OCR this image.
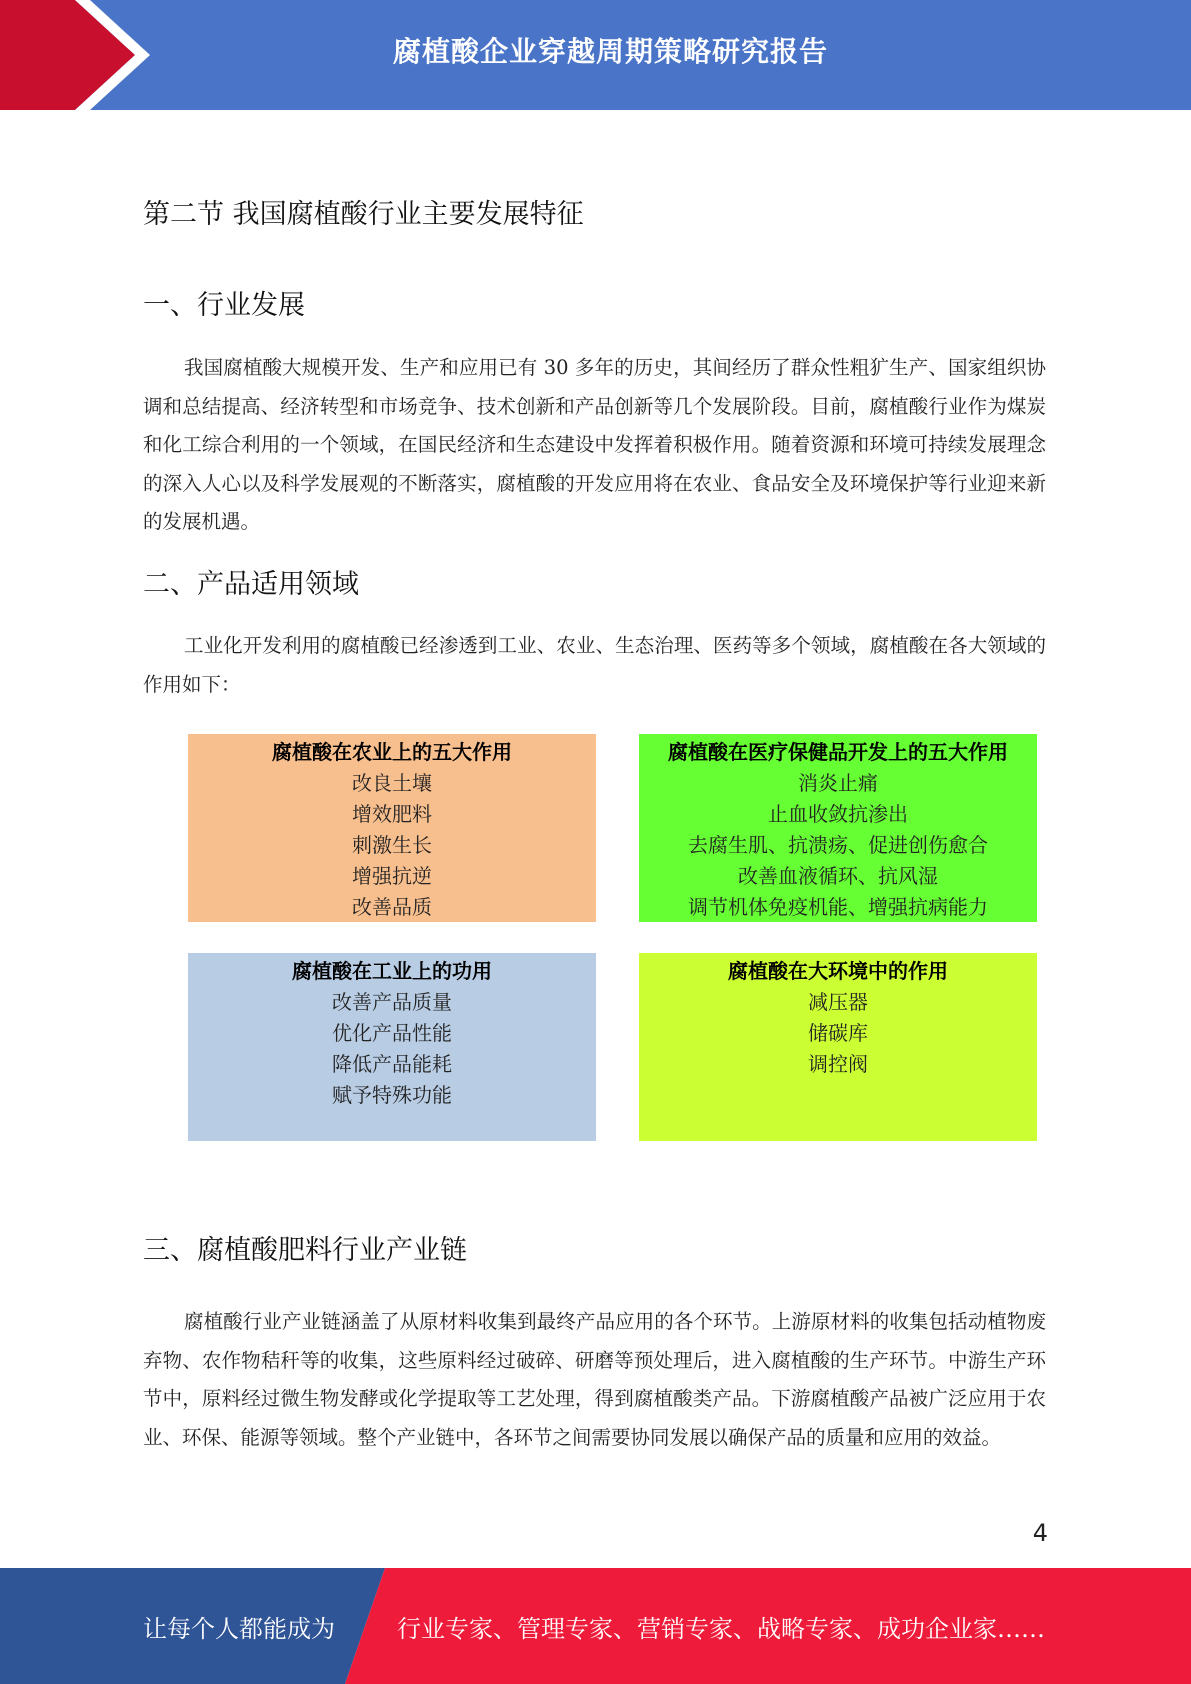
腐植酸企业穿越周期策略研究报告
第二节 我国腐植酸行业主要发展特征
一、行业发展
我国腐植酸大规模开发、生产和应用已有 30 多年的历史，其间经历了群众性粗犷生产、国家组织协调和总结提高、经济转型和市场竞争、技术创新和产品创新等几个发展阶段。目前，腐植酸行业作为煤炭和化工综合利用的一个领域，在国民经济和生态建设中发挥着积极作用。随着资源和环境可持续发展理念的深入人心以及科学发展观的不断落实，腐植酸的开发应用将在农业、食品安全及环境保护等行业迎来新的发展机遇。
二、产品适用领域
工业化开发利用的腐植酸已经渗透到工业、农业、生态治理、医药等多个领域，腐植酸在各大领域的作用如下：
腐植酸在农业上的五大作用
改良土壤
增效肥料
刺激生长
增强抗逆
改善品质
腐植酸在医疗保健品开发上的五大作用
消炎止痛
止血收敛抗渗出
去腐生肌、抗溃疡、促进创伤愈合
改善血液循环、抗风湿
调节机体免疫机能、增强抗病能力
腐植酸在工业上的功用
改善产品质量
优化产品性能
降低产品能耗
赋予特殊功能
腐植酸在大环境中的作用
减压器
储碳库
调控阀
三、腐植酸肥料行业产业链
腐植酸行业产业链涵盖了从原材料收集到最终产品应用的各个环节。上游原材料的收集包括动植物废弃物、农作物秸秆等的收集，这些原料经过破碎、研磨等预处理后，进入腐植酸的生产环节。中游生产环节中，原料经过微生物发酵或化学提取等工艺处理，得到腐植酸类产品。下游腐植酸产品被广泛应用于农业、环保、能源等领域。整个产业链中，各环节之间需要协同发展以确保产品的质量和应用的效益。
4
让每个人都能成为	行业专家、管理专家、营销专家、战略专家、成功企业家……
